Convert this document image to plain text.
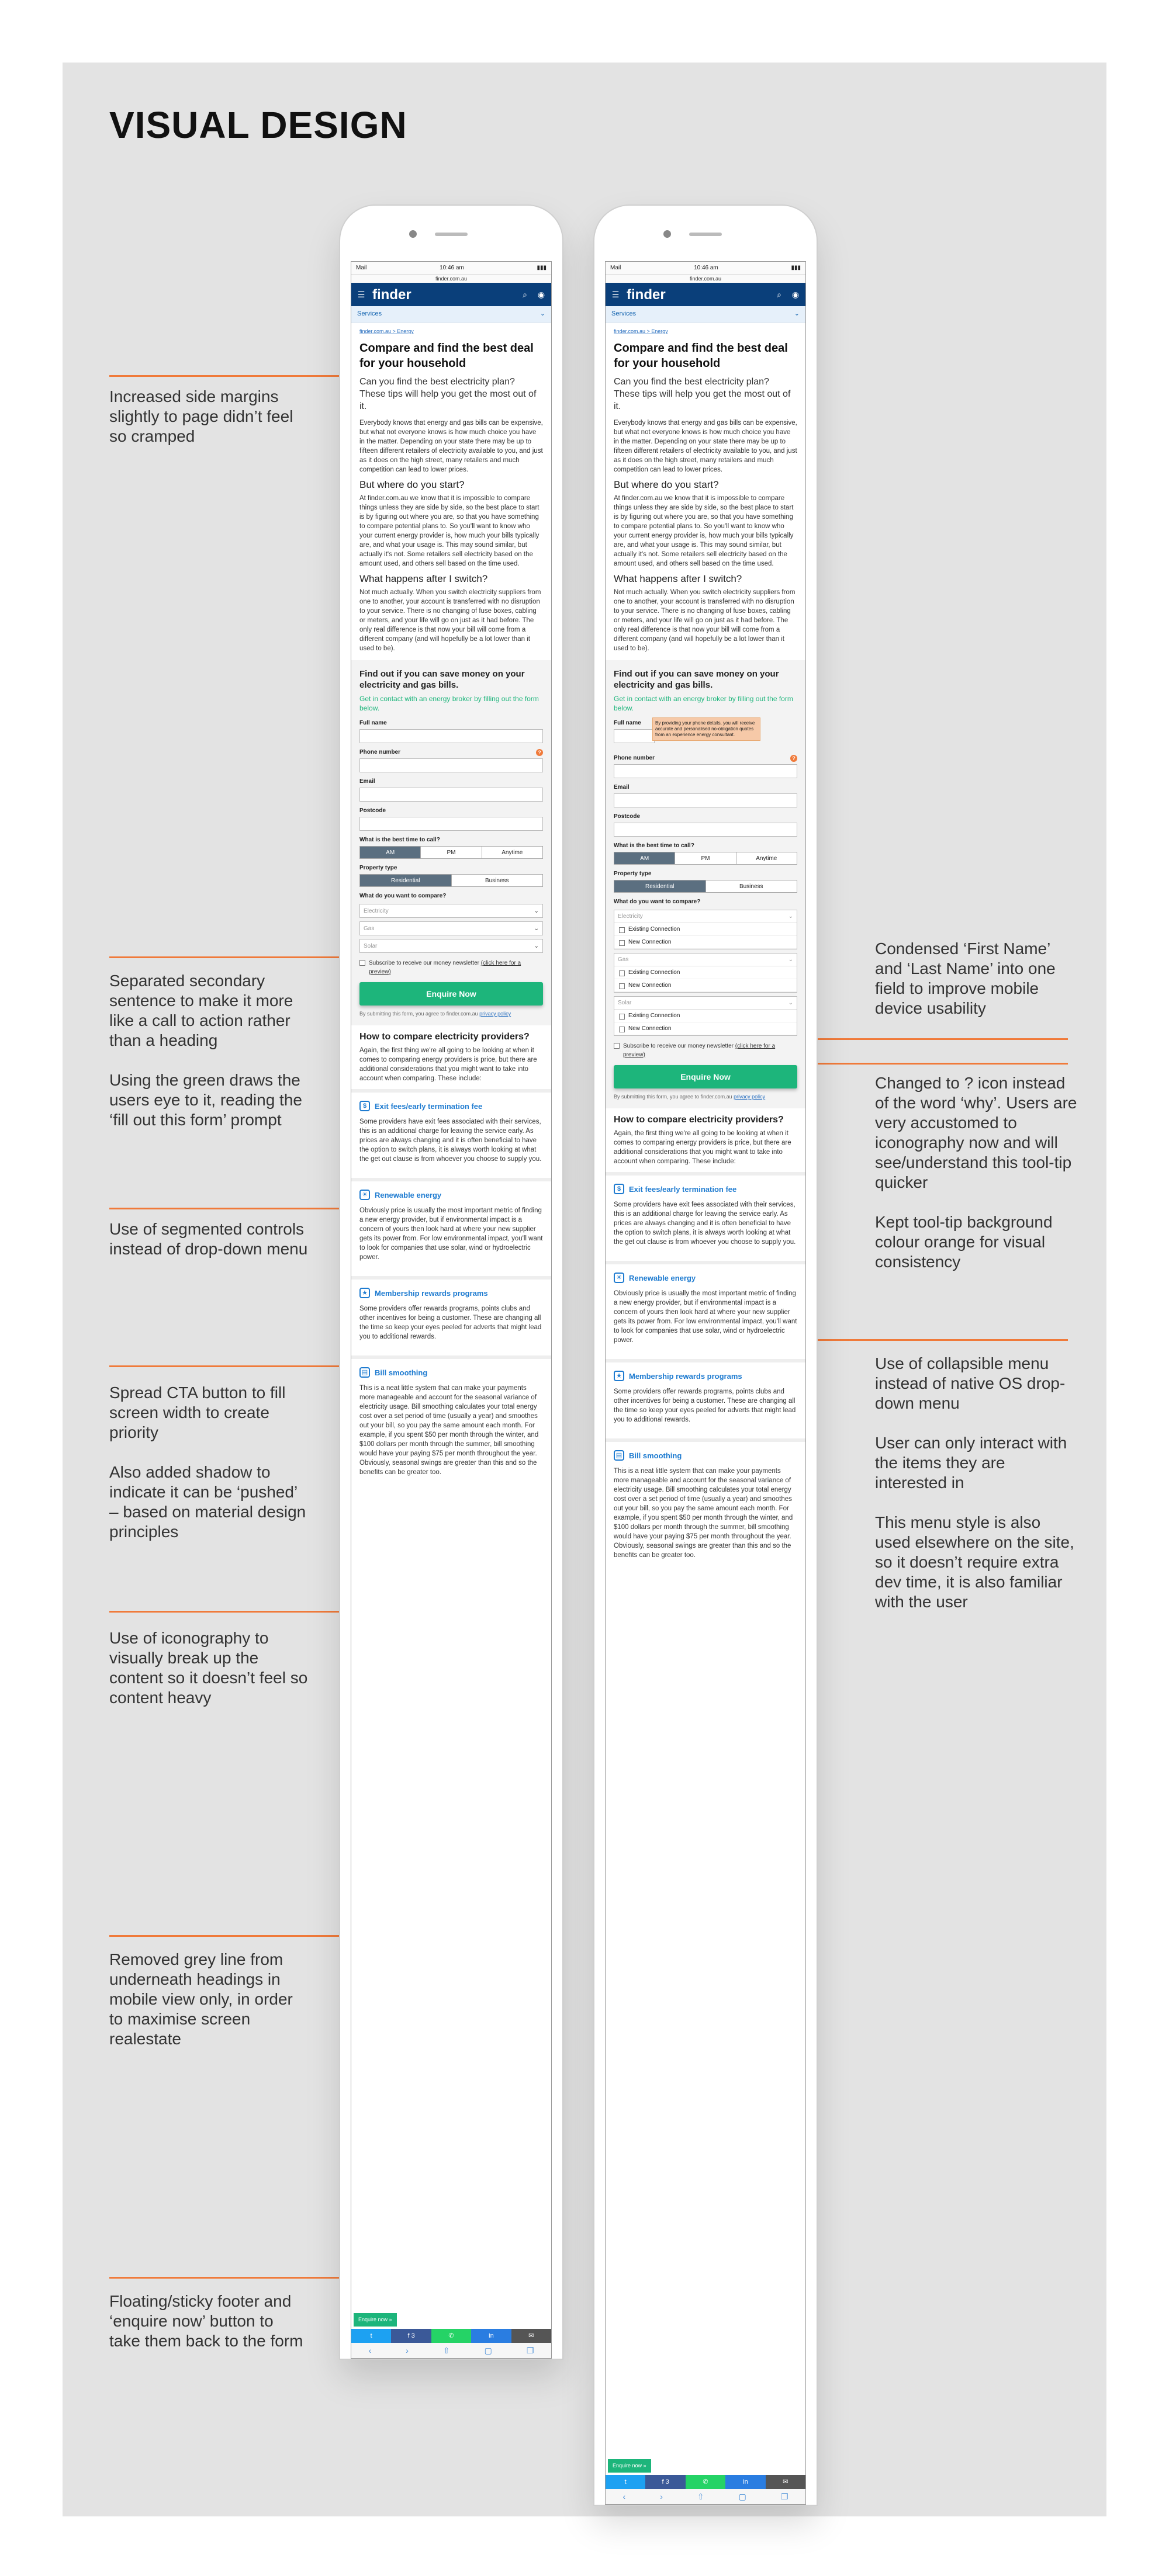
VISUAL DESIGN

Increased side margins slightly to page didn’t feel so cramped

Separated secondary sentence to make it more like a call to action rather than a heading

Using the green draws the users eye to it, reading the ‘fill out this form’ prompt

Use of segmented controls instead of drop-down menu

Spread CTA button to fill screen width to create priority

Also added shadow to indicate it can be ‘pushed’ – based on material design principles

Use of iconography to visually break up the content so it doesn’t feel so content heavy

Removed grey line from underneath headings in mobile view only, in order to maximise screen realestate

Floating/sticky footer and ‘enquire now’ button to take them back to the form

Condensed ‘First Name’ and ‘Last Name’ into one field to improve mobile device usability

Changed to ? icon instead of the word ‘why’. Users are very accustomed to iconography now and will see/understand this tool-tip quicker

Kept tool-tip background colour orange for visual consistency

Use of collapsible menu instead of native OS drop-down menu

User can only interact with the items they are interested in

This menu style is also used elsewhere on the site, so it doesn’t require extra dev time, it is also familiar with the user

Mail	10:46 am	▮▮▮
finder.com.au
☰ finder	⌕	◉
Services	⌄
finder.com.au > Energy
Compare and find the best deal for your household
Can you find the best electricity plan? These tips will help you get the most out of it.
Everybody knows that energy and gas bills can be expensive, but what not everyone knows is how much choice you have in the matter. Depending on your state there may be up to fifteen different retailers of electricity available to you, and just as it does on the high street, many retailers and much competition can lead to lower prices.
But where do you start?
At finder.com.au we know that it is impossible to compare things unless they are side by side, so the best place to start is by figuring out where you are, so that you have something to compare potential plans to. So you'll want to know who your current energy provider is, how much your bills typically are, and what your usage is. This may sound similar, but actually it's not. Some retailers sell electricity based on the amount used, and others sell based on the time used.
What happens after I switch?
Not much actually. When you switch electricity suppliers from one to another, your account is transferred with no disruption to your service. There is no changing of fuse boxes, cabling or meters, and your life will go on just as it had before. The only real difference is that now your bill will come from a different company (and will hopefully be a lot lower than it used to be).
Find out if you can save money on your electricity and gas bills.
Get in contact with an energy broker by filling out the form below.
Full name
Phone number	?
Email
Postcode
What is the best time to call?
AM	PM	Anytime
Property type
Residential	Business
What do you want to compare?
Electricity	⌄
Gas	⌄
Solar	⌄
Subscribe to receive our money newsletter (click here for a preview)
Enquire Now
By submitting this form, you agree to finder.com.au privacy policy
How to compare electricity providers?
Again, the first thing we're all going to be looking at when it comes to comparing energy providers is price, but there are additional considerations that you might want to take into account when comparing. These include:
$	Exit fees/early termination fee
Some providers have exit fees associated with their services, this is an additional charge for leaving the service early. As prices are always changing and it is often beneficial to have the option to switch plans, it is always worth looking at what the get out clause is from whoever you choose to supply you.
☀ Renewable energy
Obviously price is usually the most important metric of finding a new energy provider, but if environmental impact is a concern of yours then look hard at where your new supplier gets its power from. For low environmental impact, you'll want to look for companies that use solar, wind or hydroelectric power.
★ Membership rewards programs
Some providers offer rewards programs, points clubs and other incentives for being a customer. These are changing all the time so keep your eyes peeled for adverts that might lead you to additional rewards.
▤ Bill smoothing
This is a neat little system that can make your payments more manageable and account for the seasonal variance of electricity usage. Bill smoothing calculates your total energy cost over a set period of time (usually a year) and smoothes out your bill, so you pay the same amount each month. For example, if you spent $50 per month through the winter, and $100 dollars per month through the summer, bill smoothing would have your paying $75 per month throughout the year. Obviously, seasonal swings are greater than this and so the benefits can be greater too.
Enquire now »
t	f 3	✆	in	✉
‹	›	⇧	▢	❐
Mail	10:46 am	▮▮▮
finder.com.au
☰ finder	⌕	◉
Services	⌄
finder.com.au > Energy
Compare and find the best deal for your household
Can you find the best electricity plan? These tips will help you get the most out of it.
Everybody knows that energy and gas bills can be expensive, but what not everyone knows is how much choice you have in the matter. Depending on your state there may be up to fifteen different retailers of electricity available to you, and just as it does on the high street, many retailers and much competition can lead to lower prices.
But where do you start?
At finder.com.au we know that it is impossible to compare things unless they are side by side, so the best place to start is by figuring out where you are, so that you have something to compare potential plans to. So you'll want to know who your current energy provider is, how much your bills typically are, and what your usage is. This may sound similar, but actually it's not. Some retailers sell electricity based on the amount used, and others sell based on the time used.
What happens after I switch?
Not much actually. When you switch electricity suppliers from one to another, your account is transferred with no disruption to your service. There is no changing of fuse boxes, cabling or meters, and your life will go on just as it had before. The only real difference is that now your bill will come from a different company (and will hopefully be a lot lower than it used to be).
Find out if you can save money on your electricity and gas bills.
Get in contact with an energy broker by filling out the form below.
Full name	By providing your phone details, you will receive accurate and personalised no-obligation quotes from an experience energy consultant.
Phone number	?
Email
Postcode
What is the best time to call?
AM	PM	Anytime
Property type
Residential	Business
What do you want to compare?
Electricity	⌄
Existing Connection
New Connection
Gas	⌄
Existing Connection
New Connection
Solar	⌄
Existing Connection
New Connection
Subscribe to receive our money newsletter (click here for a preview)
Enquire Now
By submitting this form, you agree to finder.com.au privacy policy
How to compare electricity providers?
Again, the first thing we're all going to be looking at when it comes to comparing energy providers is price, but there are additional considerations that you might want to take into account when comparing. These include:
$	Exit fees/early termination fee
Some providers have exit fees associated with their services, this is an additional charge for leaving the service early. As prices are always changing and it is often beneficial to have the option to switch plans, it is always worth looking at what the get out clause is from whoever you choose to supply you.
☀ Renewable energy
Obviously price is usually the most important metric of finding a new energy provider, but if environmental impact is a concern of yours then look hard at where your new supplier gets its power from. For low environmental impact, you'll want to look for companies that use solar, wind or hydroelectric power.
★ Membership rewards programs
Some providers offer rewards programs, points clubs and other incentives for being a customer. These are changing all the time so keep your eyes peeled for adverts that might lead you to additional rewards.
▤ Bill smoothing
This is a neat little system that can make your payments more manageable and account for the seasonal variance of electricity usage. Bill smoothing calculates your total energy cost over a set period of time (usually a year) and smoothes out your bill, so you pay the same amount each month. For example, if you spent $50 per month through the winter, and $100 dollars per month through the summer, bill smoothing would have your paying $75 per month throughout the year. Obviously, seasonal swings are greater than this and so the benefits can be greater too.
Enquire now »
t	f 3	✆	in	✉
‹	›	⇧	▢	❐
